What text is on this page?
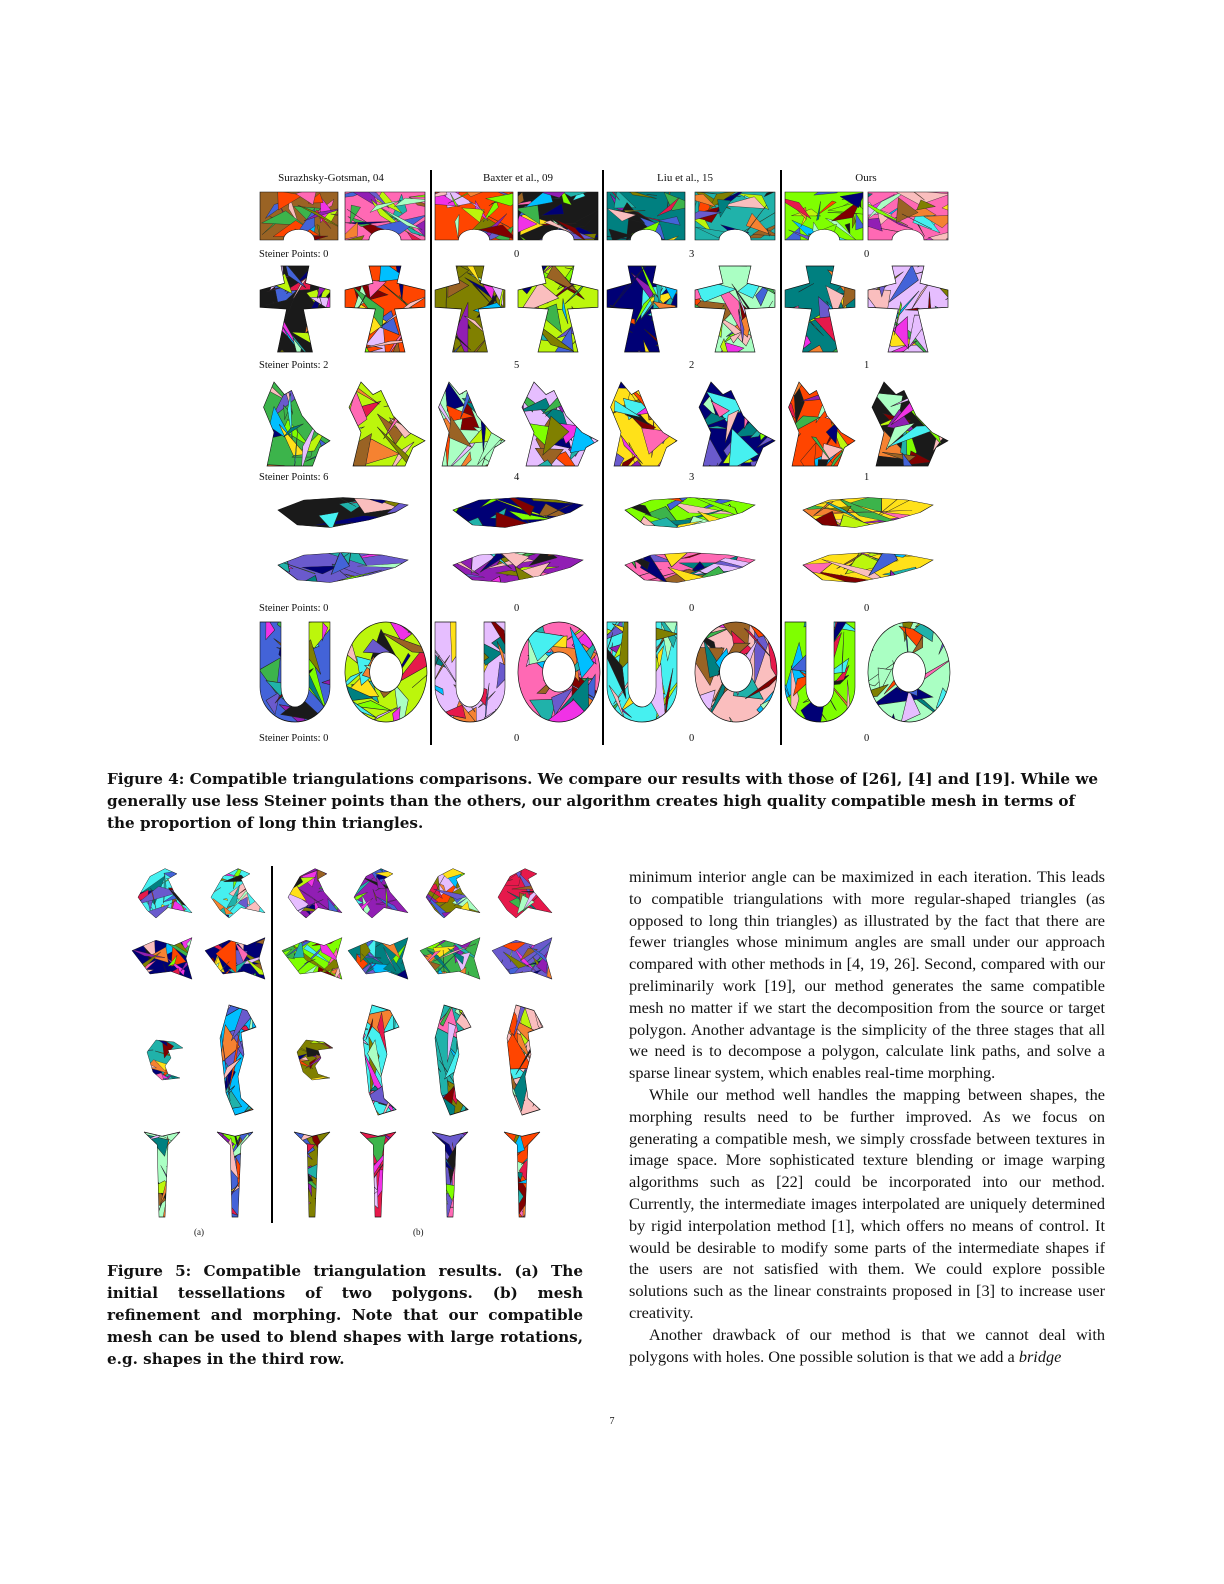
Surazhsky-Gotsman, 04	Baxter et al., 09	Liu et al., 15	Ours
Steiner Points: 0	0	3	0
Steiner Points: 2	5	2	1
Steiner Points: 6	4	3	1
Steiner Points: 0	0	0	0
Steiner Points: 0	0	0	0
Figure 4: Compatible triangulations comparisons. We compare our results with those of [26], [4] and [19]. While we generally use less Steiner points than the others, our algorithm creates high quality compatible mesh in terms of the proportion of long thin triangles.
(a)	(b)
Figure 5: Compatible triangulation results. (a) The initial tessellations of two polygons. (b) mesh refinement and morphing. Note that our compatible mesh can be used to blend shapes with large rotations, e.g. shapes in the third row.

minimum interior angle can be maximized in each iteration. This leads to compatible triangulations with more regular-shaped triangles (as opposed to long thin triangles) as illustrated by the fact that there are fewer triangles whose minimum angles are small under our approach compared with other methods in [4, 19, 26]. Second, compared with our preliminarily work [19], our method generates the same compatible mesh no matter if we start the decomposition from the source or target polygon. Another advantage is the simplicity of the three stages that all we need is to decompose a polygon, calculate link paths, and solve a sparse linear system, which enables real-time morphing.

While our method well handles the mapping between shapes, the morphing results need to be further improved. As we focus on generating a compatible mesh, we simply crossfade between textures in image space. More sophisticated texture blending or image warping algorithms such as [22] could be incorporated into our method. Currently, the intermediate images interpolated are uniquely determined by rigid interpolation method [1], which offers no means of control. It would be desirable to modify some parts of the intermediate shapes if the users are not satisfied with them. We could explore possible solutions such as the linear constraints proposed in [3] to increase user creativity.

Another drawback of our method is that we cannot deal with polygons with holes. One possible solution is that we add a bridge

7
